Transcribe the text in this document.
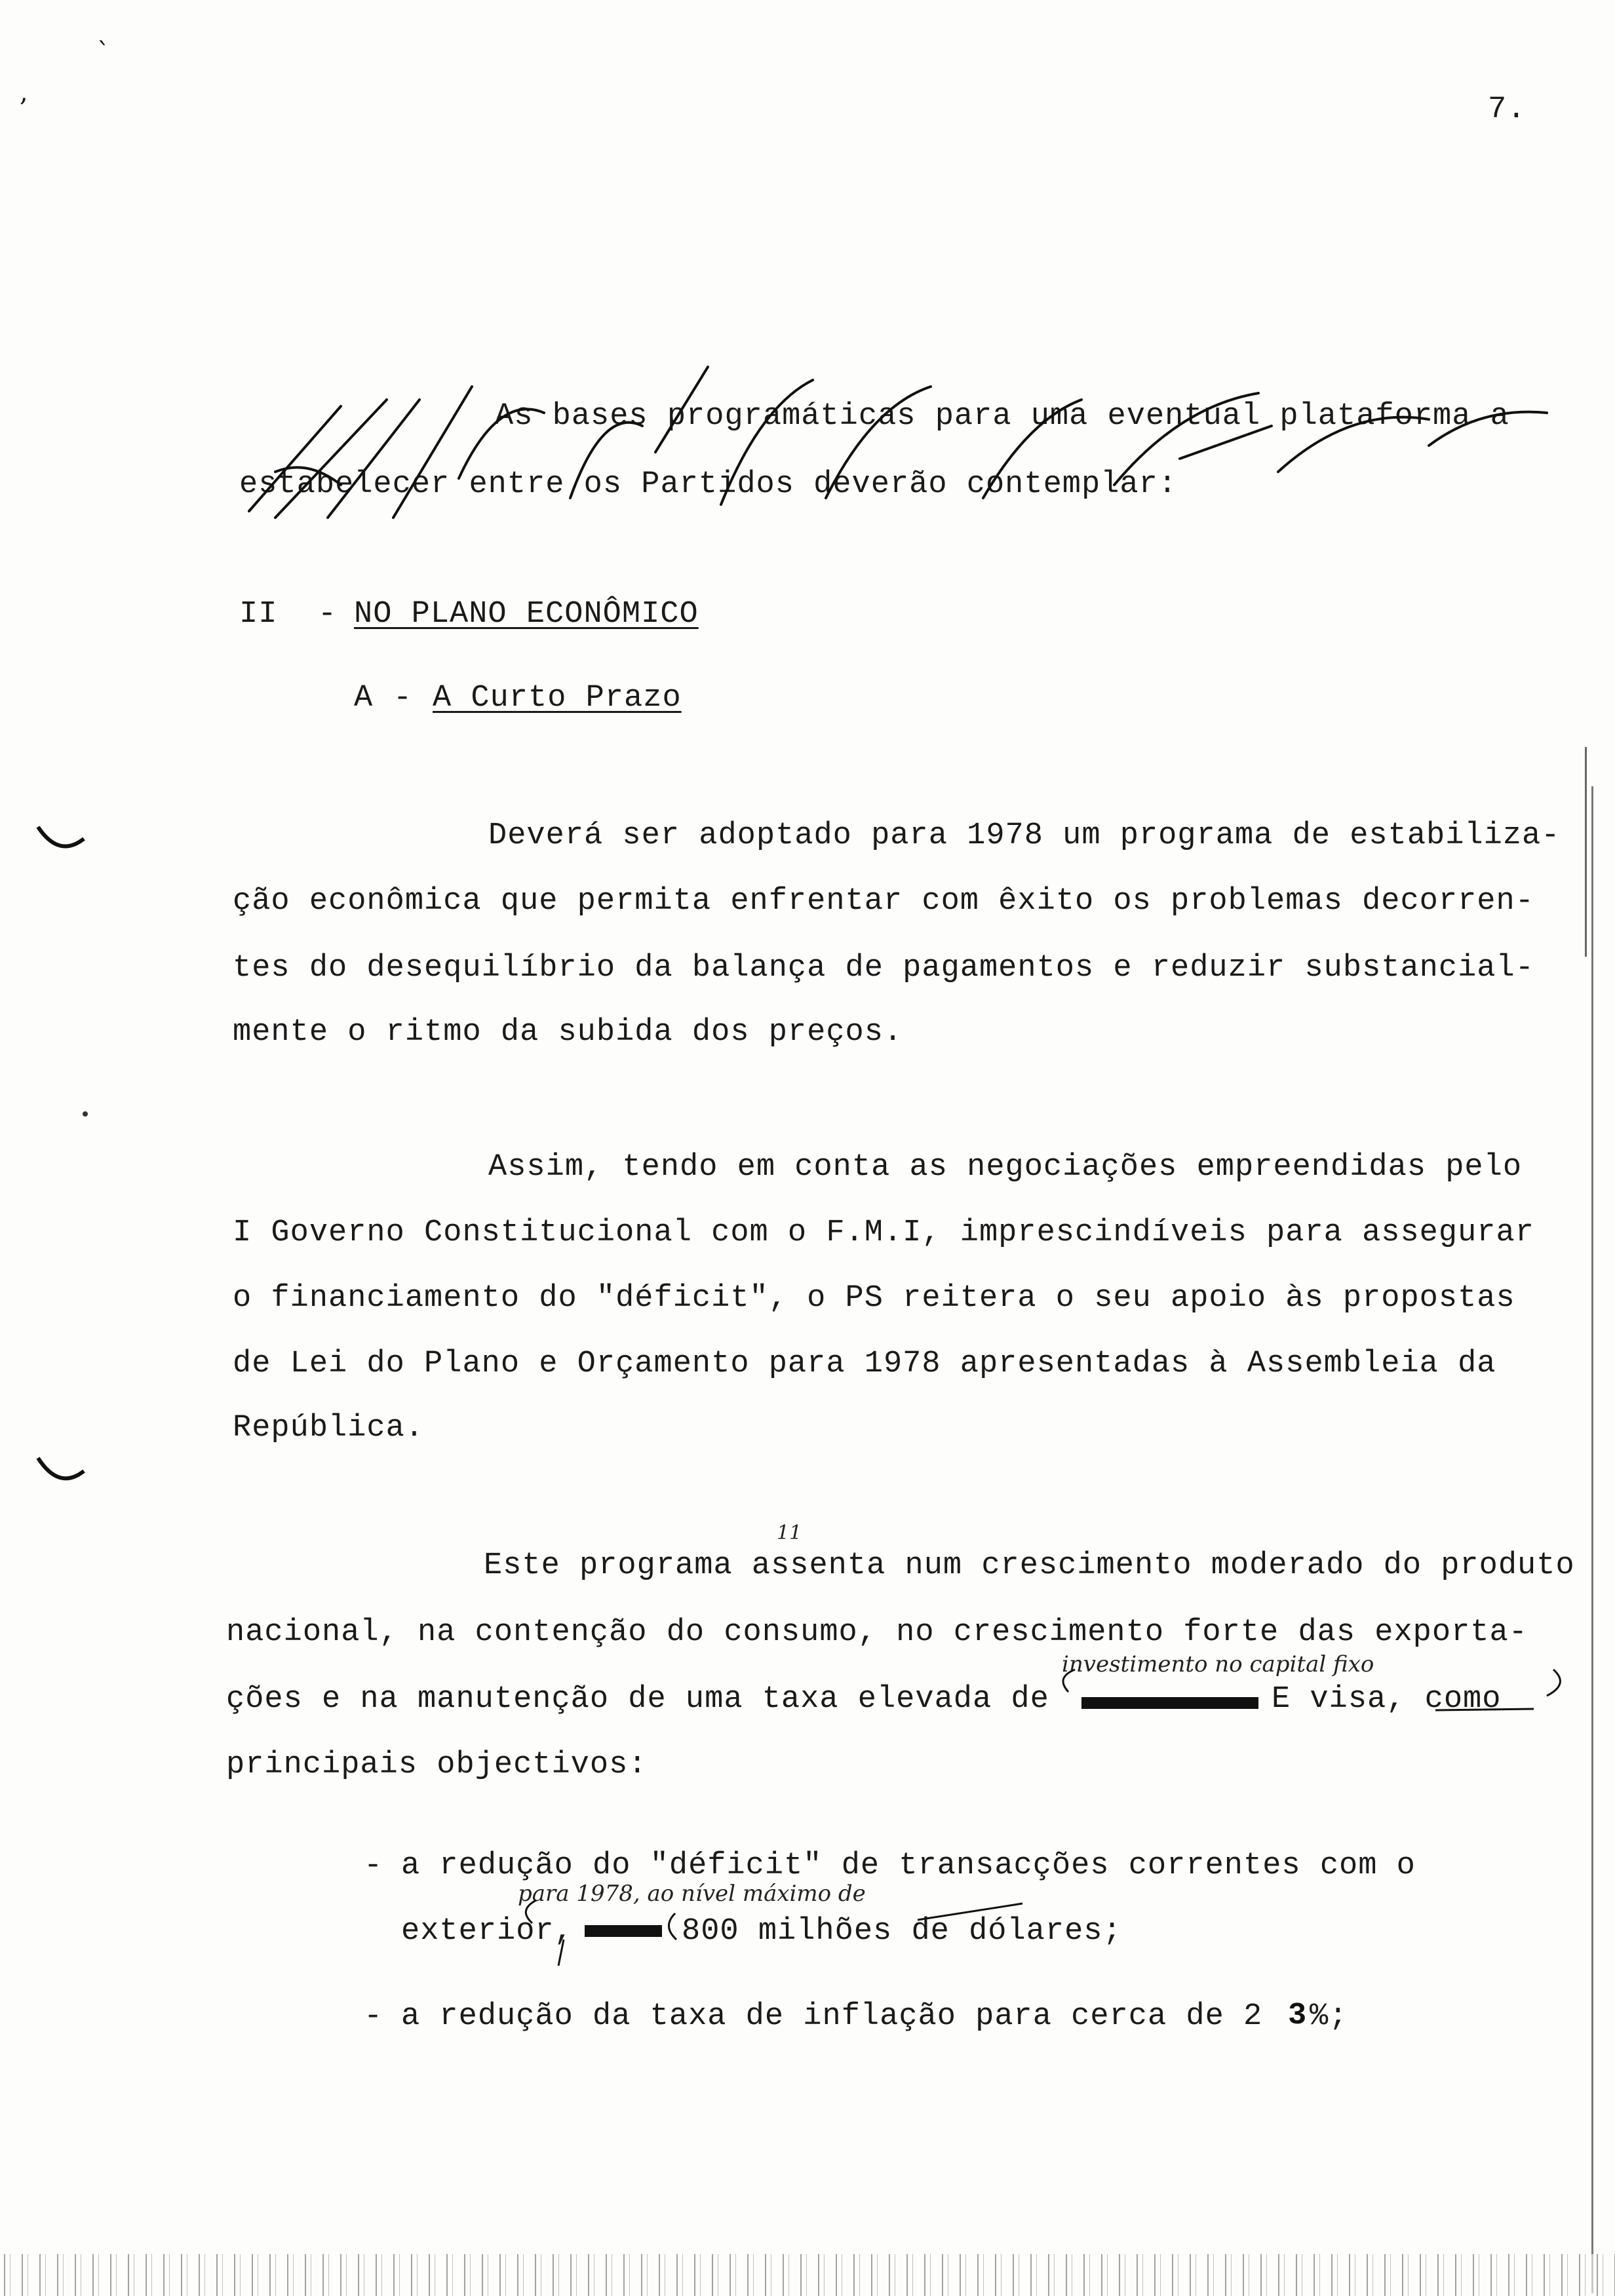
`
,	7.
As bases programáticas para uma eventual plataforma a
estabelecer entre os Partidos deverão contemplar:
II - NO PLANO ECONÔMICO
A - A Curto Prazo
Deverá ser adoptado para 1978 um programa de estabiliza-
ção econômica que permita enfrentar com êxito os problemas decorren-
tes do desequilíbrio da balança de pagamentos e reduzir substancial-
mente o ritmo da subida dos preços.
Assim, tendo em conta as negociações empreendidas pelo
I Governo Constitucional com o F.M.I, imprescindíveis para assegurar
o financiamento do "déficit", o PS reitera o seu apoio às propostas
de Lei do Plano e Orçamento para 1978 apresentadas à Assembleia da
República.
Este programa assenta num crescimento moderado do produto
11
nacional, na contenção do consumo, no crescimento forte das exporta-
ções e na manutenção de uma taxa elevada de
investimento no capital fixo
E visa, como
principais objectivos:
- a redução do "déficit" de transacções correntes com o
para 1978, ao nível máximo de
exterior,	800 milhões de dólares;
- a redução da taxa de inflação para cerca de 2 3 %;
